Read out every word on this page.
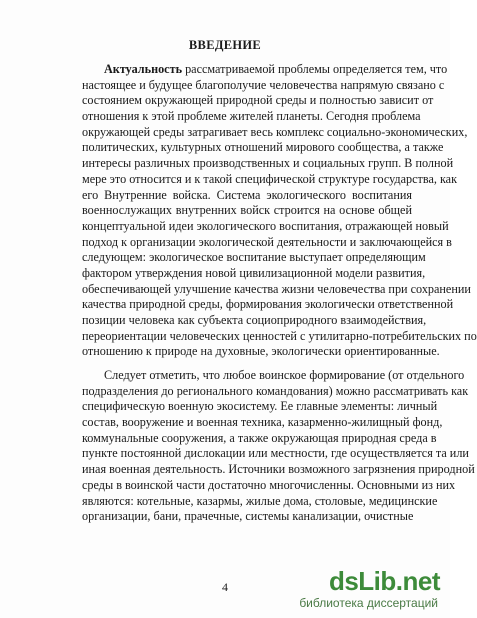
ВВЕДЕНИЕ
Актуальность рассматриваемой проблемы определяется тем, что
настоящее и будущее благополучие человечества напрямую связано с
состоянием окружающей природной среды и полностью зависит от
отношения к этой проблеме жителей планеты. Сегодня проблема
окружающей среды затрагивает весь комплекс социально-экономических,
политических, культурных отношений мирового сообщества, а также
интересы различных производственных и социальных групп. В полной
мере это относится и к такой специфической структуре государства, как
его Внутренние войска. Система экологического воспитания
военнослужащих внутренних войск строится на основе общей
концептуальной идеи экологического воспитания, отражающей новый
подход к организации экологической деятельности и заключающейся в
следующем: экологическое воспитание выступает определяющим
фактором утверждения новой цивилизационной модели развития,
обеспечивающей улучшение качества жизни человечества при сохранении
качества природной среды, формирования экологически ответственной
позиции человека как субъекта социоприродного взаимодействия,
переориентации человеческих ценностей с утилитарно-потребительских по
отношению к природе на духовные, экологически ориентированные.
Следует отметить, что любое воинское формирование (от отдельного
подразделения до регионального командования) можно рассматривать как
специфическую военную экосистему. Ее главные элементы: личный
состав, вооружение и военная техника, казарменно-жилищный фонд,
коммунальные сооружения, а также окружающая природная среда в
пункте постоянной дислокации или местности, где осуществляется та или
иная военная деятельность. Источники возможного загрязнения природной
среды в воинской части достаточно многочисленны. Основными из них
являются: котельные, казармы, жилые дома, столовые, медицинские
организации, бани, прачечные, системы канализации, очистные
4	dsLib.net
библиотека диссертаций
